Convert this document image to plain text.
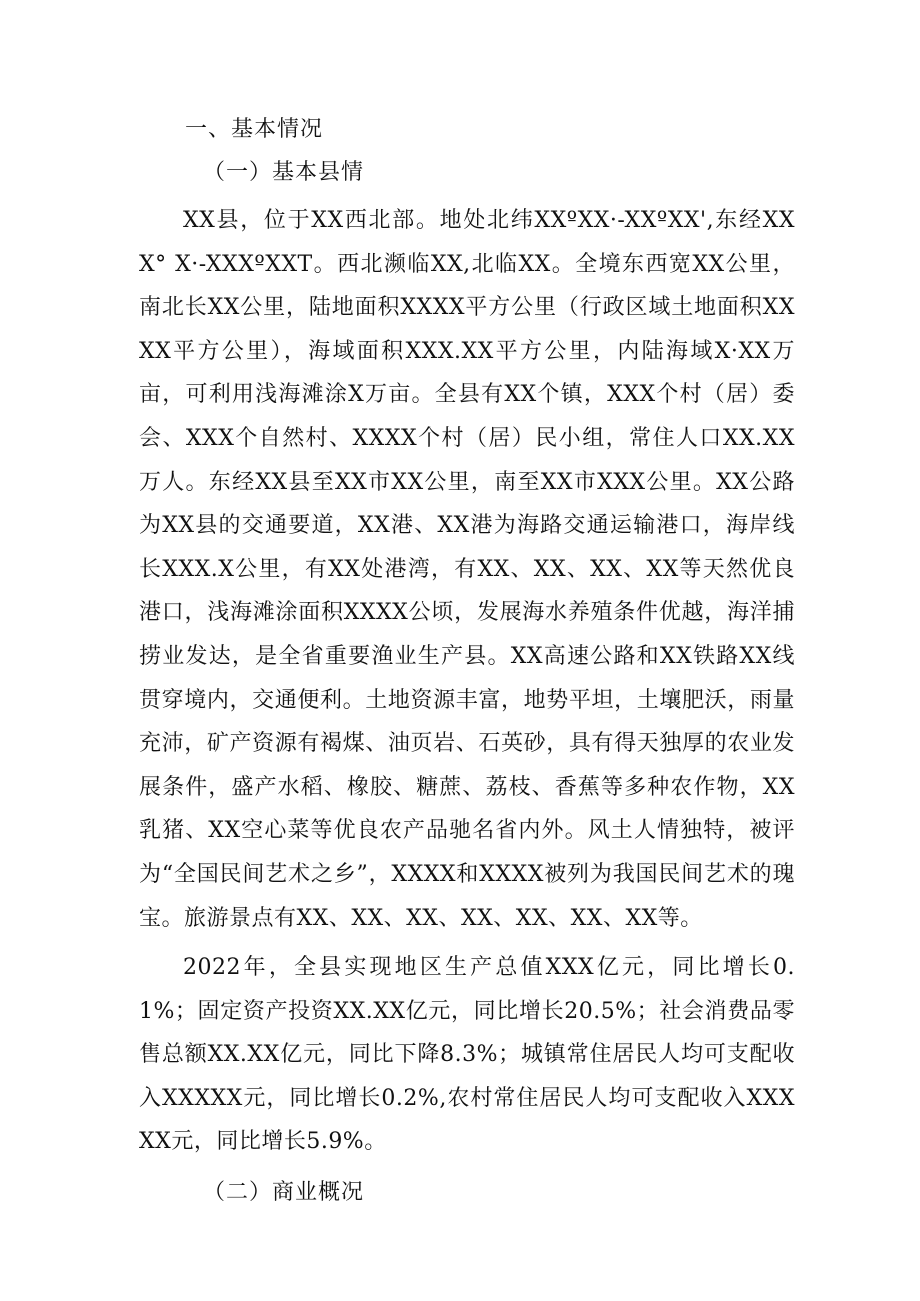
一、基本情况
（一）基本县情

XX县，位于XX西北部。地处北纬XXºXX·-XXºXX',东经XXX° X·-XXXºXXT。西北濒临XX,北临XX。全境东西宽XX公里，南北长XX公里，陆地面积XXXX平方公里（行政区域土地面积XXXX平方公里），海域面积XXX.XX平方公里，内陆海域X·XX万亩，可利用浅海滩涂X万亩。全县有XX个镇，XXX个村（居）委会、XXX个自然村、XXXX个村（居）民小组，常住人口XX.XX万人。东经XX县至XX市XX公里，南至XX市XXX公里。XX公路为XX县的交通要道，XX港、XX港为海路交通运输港口，海岸线长XXX.X公里，有XX处港湾，有XX、XX、XX、XX等天然优良港口，浅海滩涂面积XXXX公顷，发展海水养殖条件优越，海洋捕捞业发达，是全省重要渔业生产县。XX高速公路和XX铁路XX线贯穿境内，交通便利。土地资源丰富，地势平坦，土壤肥沃，雨量充沛，矿产资源有褐煤、油页岩、石英砂，具有得天独厚的农业发展条件，盛产水稻、橡胶、糖蔗、荔枝、香蕉等多种农作物，XX乳猪、XX空心菜等优良农产品驰名省内外。风土人情独特，被评为“全国民间艺术之乡”，XXXX和XXXX被列为我国民间艺术的瑰宝。旅游景点有XX、XX、XX、XX、XX、XX、XX等。

2022年，全县实现地区生产总值XXX亿元，同比增长0.1%；固定资产投资XX.XX亿元，同比增长20.5%；社会消费品零售总额XX.XX亿元，同比下降8.3%；城镇常住居民人均可支配收入XXXXX元，同比增长0.2%,农村常住居民人均可支配收入XXXXX元，同比增长5.9%。

（二）商业概况
